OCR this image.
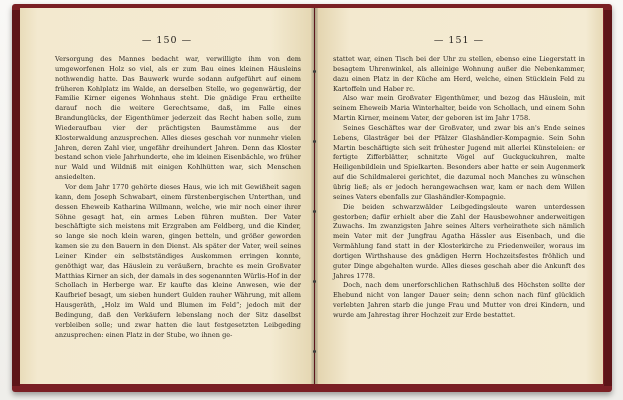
— 150 —

Versorgung des Mannes bedacht war, verwilligte ihm von dem umgeworfenen Holz so viel, als er zum Bau eines kleinen Häusleins nothwendig hatte. Das Bauwerk wurde sodann aufgeführt auf einem früheren Kohlplatz im Walde, an derselben Stelle, wo gegenwärtig, der Familie Kirner eigenes Wohnhaus steht. Die gnädige Frau ertheilte darauf noch die weitere Gerechtsame, daß, im Falle eines Brandunglücks, der Eigenthümer jederzeit das Recht haben solle, zum Wiederaufbau vier der prächtigsten Baumstämme aus der Klosterwaldung anzusprechen. Alles dieses geschah vor nunmehr vielen Jahren, deren Zahl vier, ungefähr dreihundert Jahren. Denn das Kloster bestand schon viele Jahrhunderte, ehe im kleinen Eisenbächle, wo früher nur Wald und Wildniß mit einigen Kohlhütten war, sich Menschen ansiedelten.

Vor dem Jahr 1770 gehörte dieses Haus, wie ich mit Gewißheit sagen kann, dem Joseph Schwabart, einem fürstenbergischen Unterthan, und dessen Eheweib Katharina Willmann, welche, wie mir noch einer ihrer Söhne gesagt hat, ein armes Leben führen mußten. Der Vater beschäftigte sich meistens mit Erzgraben am Feldberg, und die Kinder, so lange sie noch klein waren, gingen betteln, und größer geworden kamen sie zu den Bauern in den Dienst. Als später der Vater, weil seines Leiner Kinder ein selbstständiges Auskommen erringen konnte, genöthigt war, das Häuslein zu veräußern, brachte es mein Großvater Matthias Kirner an sich, der damals in des sogenannten Würlis-Hof in der Schollach in Herberge war. Er kaufte das kleine Anwesen, wie der Kaufbrief besagt, um sieben hundert Gulden rauher Währung, mit allem Hausgeräth, „Holz im Wald und Blumen im Feld“; jedoch mit der Bedingung, daß den Verkäufern lebenslang noch der Sitz daselbst verbleiben solle; und zwar hatten die laut festgesetzten Leibgeding anzusprechen: einen Platz in der Stube, wo ihnen ge-

— 151 —

stattet war, einen Tisch bei der Uhr zu stellen, ebenso eine Liegerstatt in besagtem Uhrenwinkel, als alleinige Wohnung außer die Nebenkammer, dazu einen Platz in der Küche am Herd, welche, einen Stücklein Feld zu Kartoffeln und Haber rc.

Also war mein Großvater Eigenthümer, und bezog das Häuslein, mit seinem Eheweib Maria Winterhalter, beide von Schollach, und einem Sohn Martin Kirner, meinem Vater, der geboren ist im Jahr 1758.

Seines Geschäftes war der Großvater, und zwar bis an's Ende seines Lebens, Glasträger bei der Pfälzer Glashändler-Kompagnie. Sein Sohn Martin beschäftigte sich seit frühester Jugend mit allerlei Künsteleien: er fertigte Zifferblätter, schnitzte Vögel auf Guckguckuhren, malte Heiligenbildlein und Spielkarten. Besonders aber hatte er sein Augenmerk auf die Schildmalerei gerichtet, die dazumal noch Manches zu wünschen übrig ließ; als er jedoch herangewachsen war, kam er nach dem Willen seines Vaters ebenfalls zur Glashändler-Kompagnie.

Die beiden schwarzwälder Leibgedingsleute waren unterdessen gestorben; dafür erhielt aber die Zahl der Hausbewohner anderweitigen Zuwachs. Im zwanzigsten Jahre seines Alters verheirathete sich nämlich mein Vater mit der Jungfrau Agatha Hässler aus Eisenbach, und die Vermählung fand statt in der Klosterkirche zu Friedenweiler, woraus im dortigen Wirthshause des gnädigen Herrn Hochzeitsfestes fröhlich und guter Dinge abgehalten wurde. Alles dieses geschah aber die Ankunft des Jahres 1778.

Doch, nach dem unerforschlichen Rathschluß des Höchsten sollte der Ehebund nicht von langer Dauer sein; denn schon nach fünf glücklich verlebten Jahren starb die junge Frau und Mutter von drei Kindern, und wurde am Jahrestag ihrer Hochzeit zur Erde bestattet.
